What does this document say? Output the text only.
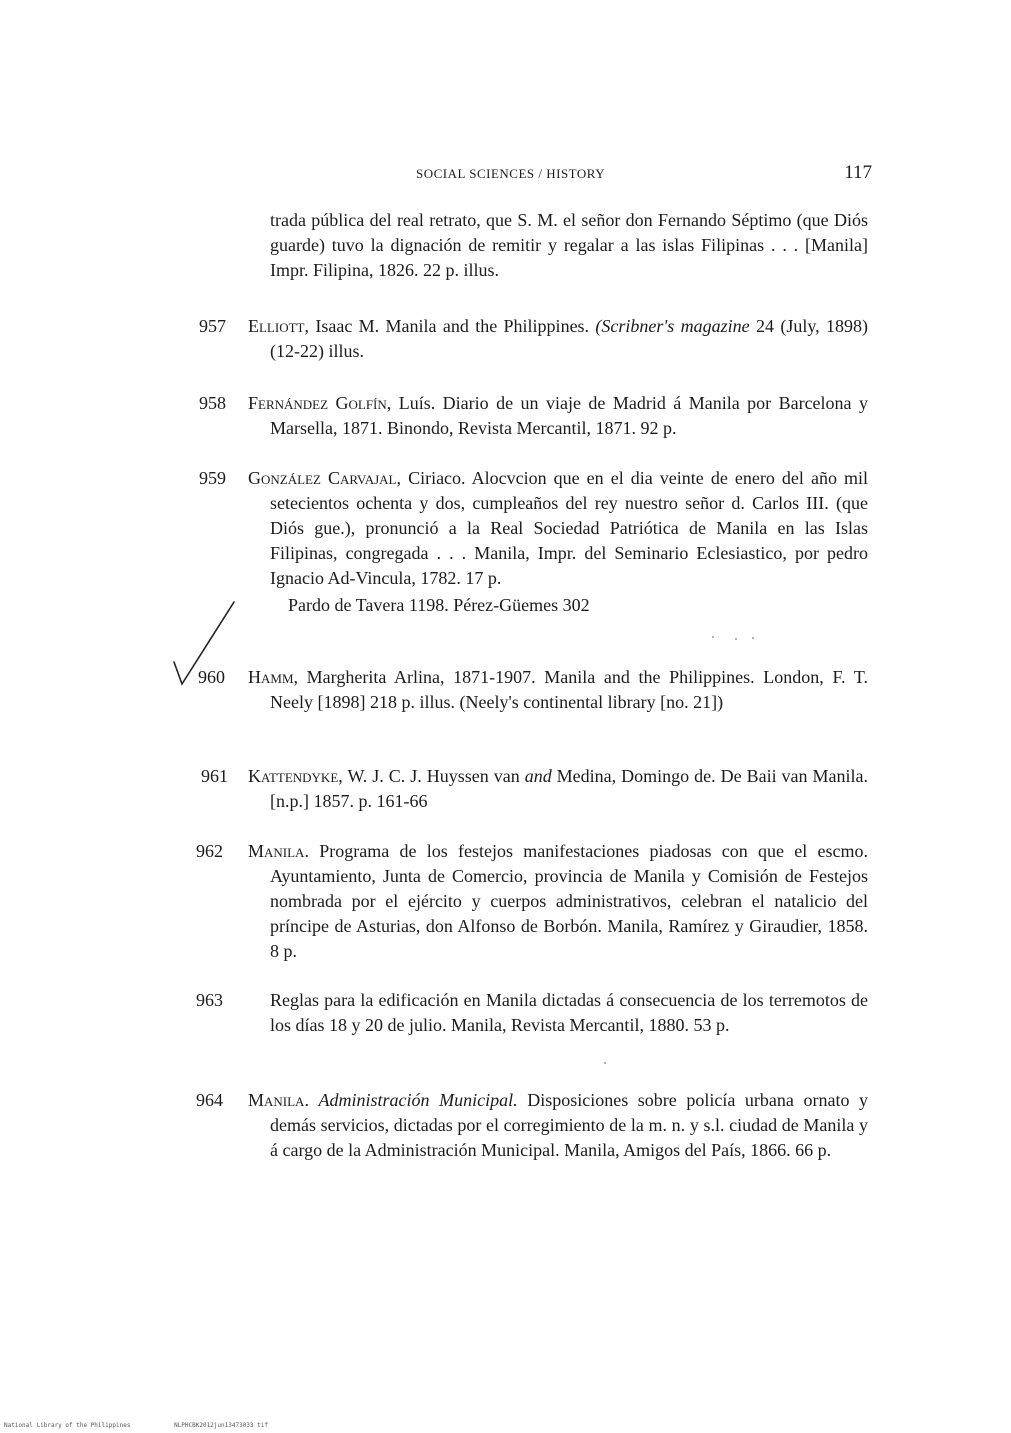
SOCIAL SCIENCES / HISTORY	117
trada pública del real retrato, que S. M. el señor don Fernando Séptimo (que Diós guarde) tuvo la dignación de remitir y regalar a las islas Filipinas . . . [Manila] Impr. Filipina, 1826. 22 p. illus.
957 Elliott, Isaac M. Manila and the Philippines. (Scribner's magazine 24 (July, 1898) (12-22) illus.
958 Fernández Golfín, Luís. Diario de un viaje de Madrid á Manila por Barcelona y Marsella, 1871. Binondo, Revista Mercantil, 1871. 92 p.
959 González Carvajal, Ciriaco. Alocvcion que en el dia veinte de enero del año mil setecientos ochenta y dos, cumpleaños del rey nuestro señor d. Carlos III. (que Diós gue.), pronunció a la Real Sociedad Patriótica de Manila en las Islas Filipinas, congregada . . . Manila, Impr. del Seminario Eclesiastico, por pedro Ignacio Ad-Vincula, 1782. 17 p.
Pardo de Tavera 1198. Pérez-Güemes 302
960 Hamm, Margherita Arlina, 1871-1907. Manila and the Philippines. London, F. T. Neely [1898] 218 p. illus. (Neely's continental library [no. 21])
961 Kattendyke, W. J. C. J. Huyssen van and Medina, Domingo de. De Baii van Manila. [n.p.] 1857. p. 161-66
962 Manila. Programa de los festejos manifestaciones piadosas con que el escmo. Ayuntamiento, Junta de Comercio, provincia de Manila y Comisión de Festejos nombrada por el ejército y cuerpos administrativos, celebran el natalicio del príncipe de Asturias, don Alfonso de Borbón. Manila, Ramírez y Giraudier, 1858. 8 p.
963	Reglas para la edificación en Manila dictadas á consecuencia de los terremotos de los días 18 y 20 de julio. Manila, Revista Mercantil, 1880. 53 p.
964 Manila. Administración Municipal. Disposiciones sobre policía urbana ornato y demás servicios, dictadas por el corregimiento de la m. n. y s.l. ciudad de Manila y á cargo de la Administración Municipal. Manila, Amigos del País, 1866. 66 p.
National Library of the Philippines	NLPHCBK2012jun13473033 tif
